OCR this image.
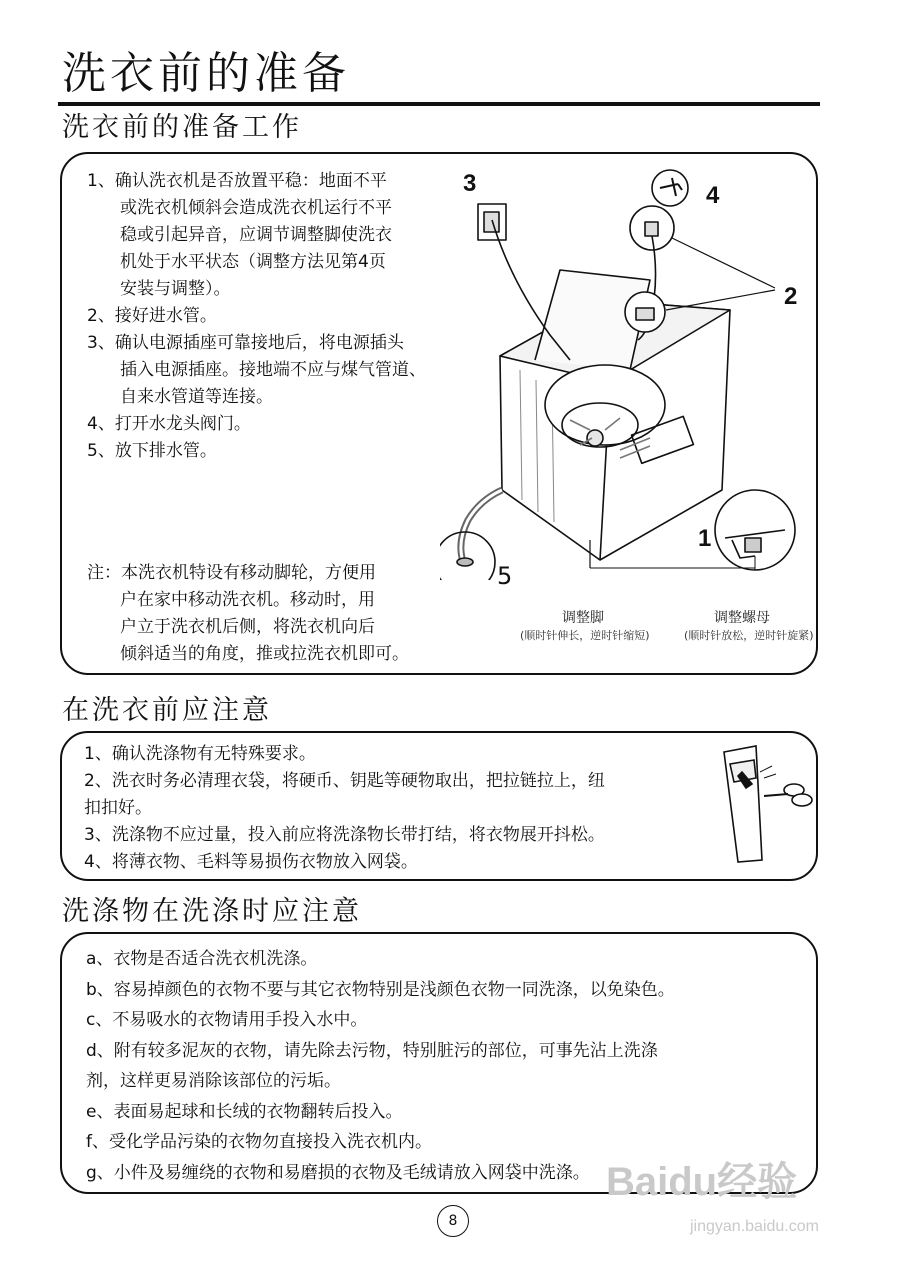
洗衣前的准备
洗衣前的准备工作
1、确认洗衣机是否放置平稳：地面不平
或洗衣机倾斜会造成洗衣机运行不平
稳或引起异音，应调节调整脚使洗衣
机处于水平状态（调整方法见第4页
安装与调整）。
2、接好进水管。
3、确认电源插座可靠接地后，将电源插头
插入电源插座。接地端不应与煤气管道、
自来水管道等连接。
4、打开水龙头阀门。
5、放下排水管。
注：本洗衣机特设有移动脚轮，方便用
户在家中移动洗衣机。移动时，用
户立于洗衣机后侧，将洗衣机向后
倾斜适当的角度，推或拉洗衣机即可。
3	4
2
1
5
调整脚
(顺时针伸长，逆时针缩短)
调整螺母
(顺时针放松，逆时针旋紧)
在洗衣前应注意
1、确认洗涤物有无特殊要求。
2、洗衣时务必清理衣袋，将硬币、钥匙等硬物取出，把拉链拉上，纽
扣扣好。
3、洗涤物不应过量，投入前应将洗涤物长带打结，将衣物展开抖松。
4、将薄衣物、毛料等易损伤衣物放入网袋。
洗涤物在洗涤时应注意
a、衣物是否适合洗衣机洗涤。
b、容易掉颜色的衣物不要与其它衣物特别是浅颜色衣物一同洗涤，以免染色。
c、不易吸水的衣物请用手投入水中。
d、附有较多泥灰的衣物，请先除去污物，特别脏污的部位，可事先沾上洗涤
剂，这样更易消除该部位的污垢。
e、表面易起球和长绒的衣物翻转后投入。
f、受化学品污染的衣物勿直接投入洗衣机内。
g、小件及易缠绕的衣物和易磨损的衣物及毛绒请放入网袋中洗涤。
8
Baidu经验
jingyan.baidu.com
